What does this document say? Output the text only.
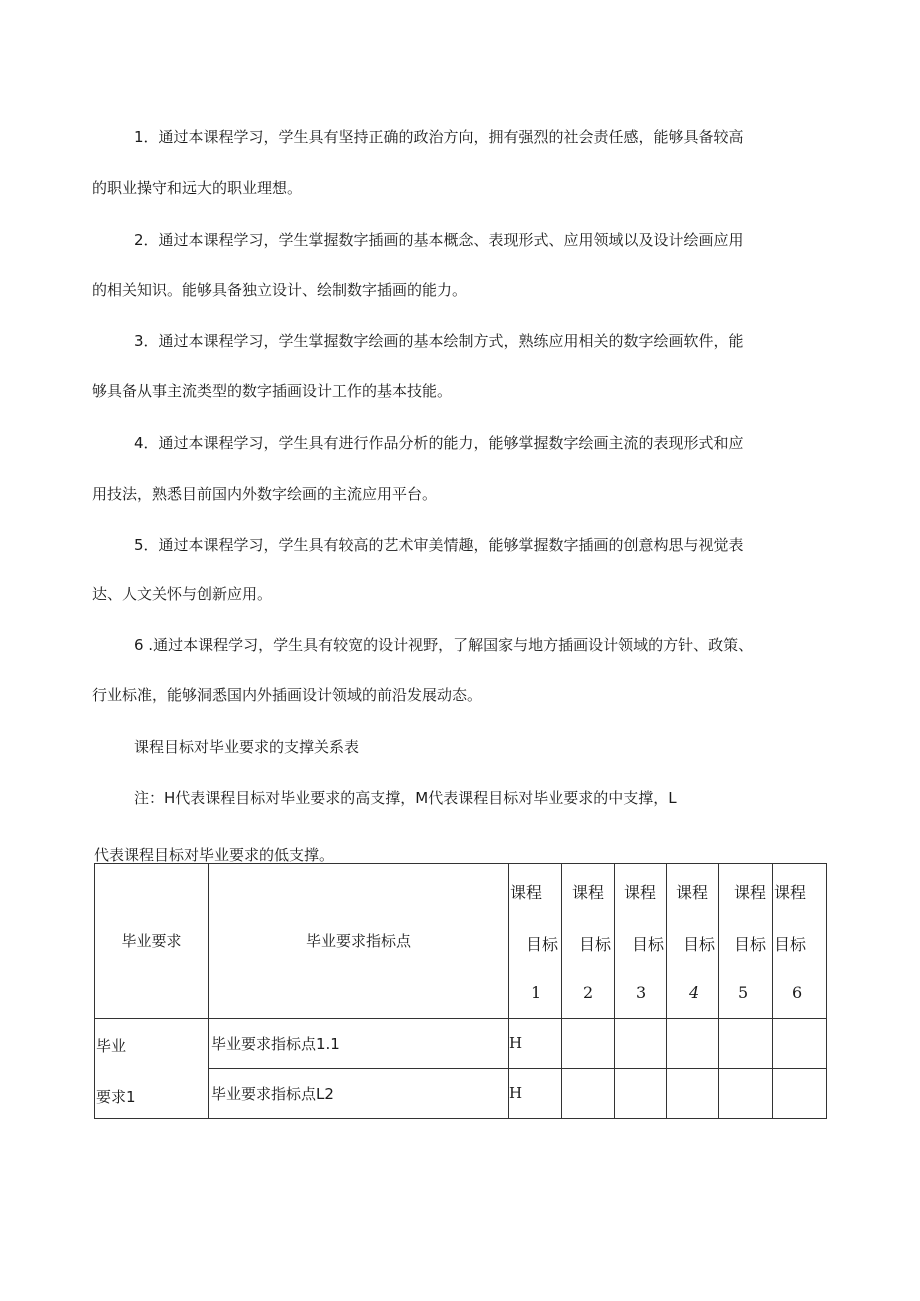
1．通过本课程学习，学生具有坚持正确的政治方向，拥有强烈的社会责任感，能够具备较高
的职业操守和远大的职业理想。
2．通过本课程学习，学生掌握数字插画的基本概念、表现形式、应用领域以及设计绘画应用
的相关知识。能够具备独立设计、绘制数字插画的能力。
3．通过本课程学习，学生掌握数字绘画的基本绘制方式，熟练应用相关的数字绘画软件，能
够具备从事主流类型的数字插画设计工作的基本技能。
4．通过本课程学习，学生具有进行作品分析的能力，能够掌握数字绘画主流的表现形式和应
用技法，熟悉目前国内外数字绘画的主流应用平台。
5．通过本课程学习，学生具有较高的艺术审美情趣，能够掌握数字插画的创意构思与视觉表
达、人文关怀与创新应用。
6 .通过本课程学习，学生具有较宽的设计视野，了解国家与地方插画设计领域的方针、政策、
行业标准，能够洞悉国内外插画设计领域的前沿发展动态。
课程目标对毕业要求的支撑关系表
注：H代表课程目标对毕业要求的高支撑，M代表课程目标对毕业要求的中支撑，L
代表课程目标对毕业要求的低支撑。
毕业要求	毕业要求指标点	课程
目标
1	课程
目标
2	课程
目标
3	课程
目标
4	课程
目标
5	课程
目标
6

毕业
要求1	毕业要求指标点1.1	H					
	毕业要求指标点L2	H					
